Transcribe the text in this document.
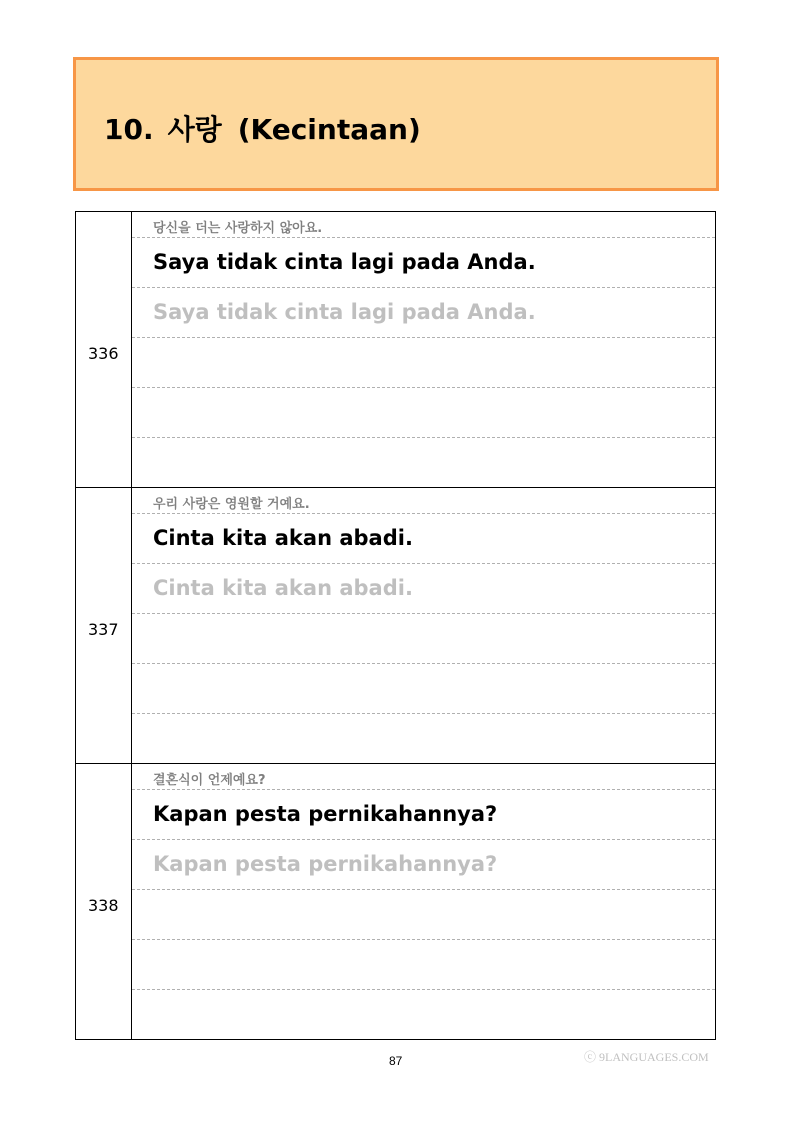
10. 사랑 (Kecintaan)
336
당신을 더는 사랑하지 않아요.
Saya tidak cinta lagi pada Anda.
Saya tidak cinta lagi pada Anda.
337
우리 사랑은 영원할 거예요.
Cinta kita akan abadi.
Cinta kita akan abadi.
338
결혼식이 언제예요?
Kapan pesta pernikahannya?
Kapan pesta pernikahannya?
87	ⓒ 9LANGUAGES.COM
